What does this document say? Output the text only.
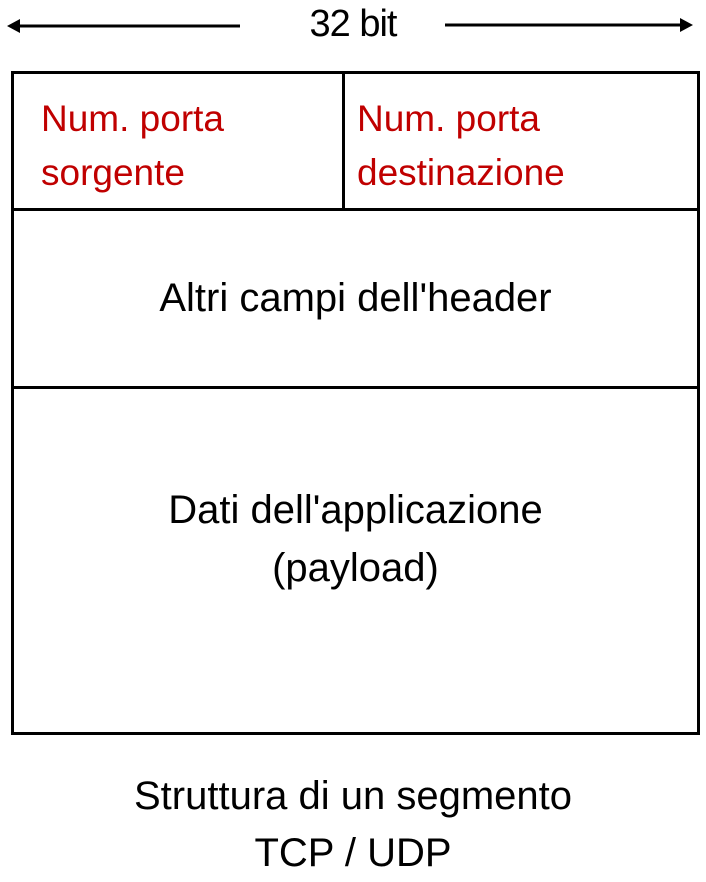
32 bit
Num. porta
sorgente
Num. porta
destinazione
Altri campi dell'header
Dati dell'applicazione
(payload)
Struttura di un segmento
TCP / UDP
